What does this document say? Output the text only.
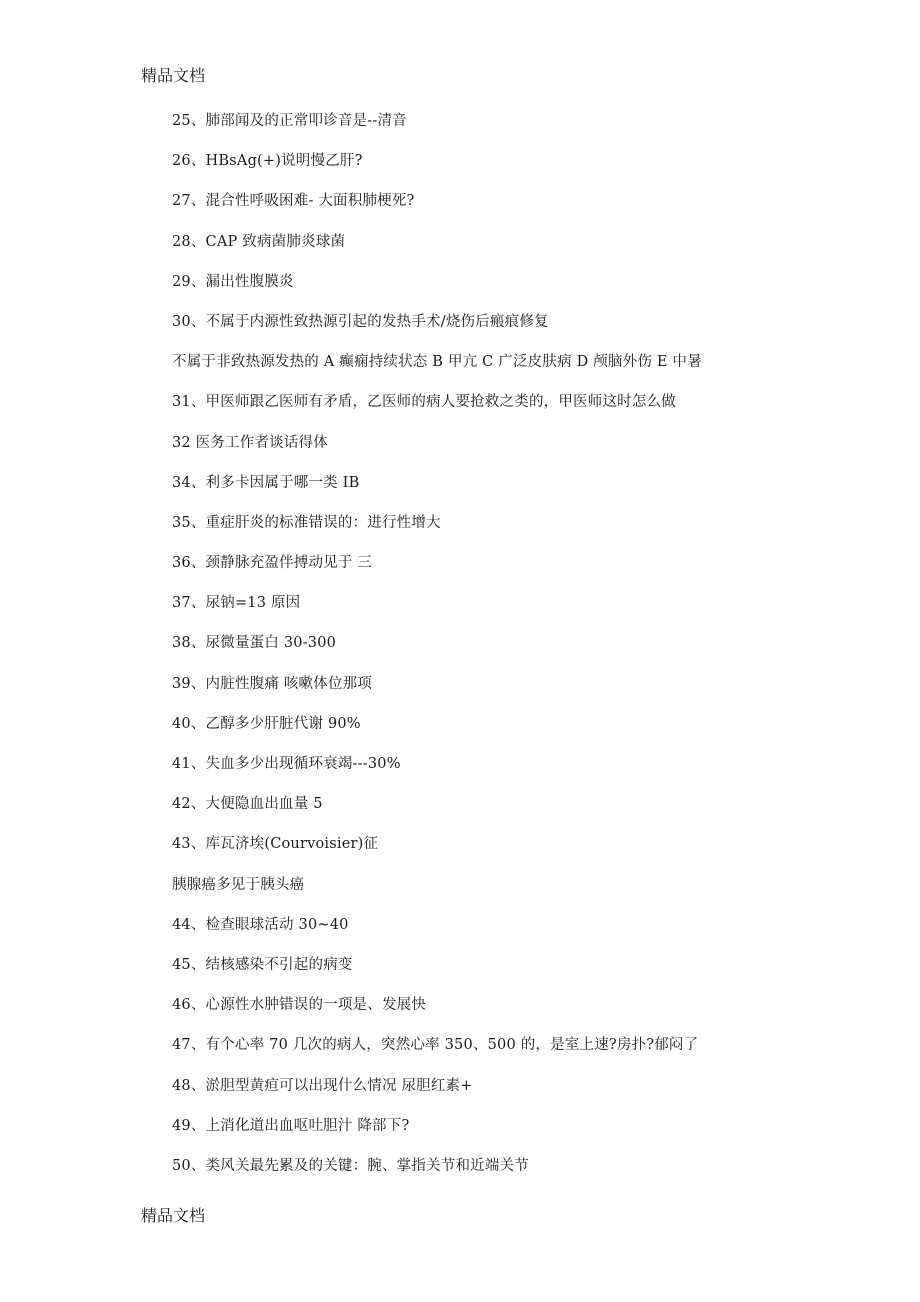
精品文档
25、肺部闻及的正常叩诊音是--清音
26、HBsAg(+)说明慢乙肝?
27、混合性呼吸困难- 大面积肺梗死?
28、CAP 致病菌肺炎球菌
29、漏出性腹膜炎
30、不属于内源性致热源引起的发热手术/烧伤后瘢痕修复
不属于非致热源发热的 A 癫痫持续状态 B 甲亢 C 广泛皮肤病 D 颅脑外伤 E 中暑
31、甲医师跟乙医师有矛盾，乙医师的病人要抢救之类的，甲医师这时怎么做
32 医务工作者谈话得体
34、利多卡因属于哪一类 IB
35、重症肝炎的标准错误的：进行性增大
36、颈静脉充盈伴搏动见于 三
37、尿钠=13 原因
38、尿微量蛋白 30-300
39、内脏性腹痛 咳嗽体位那项
40、乙醇多少肝脏代谢 90%
41、失血多少出现循环衰竭---30%
42、大便隐血出血量 5
43、库瓦济埃(Courvoisier)征
胰腺癌多见于胰头癌
44、检查眼球活动 30~40
45、结核感染不引起的病变
46、心源性水肿错误的一项是、发展快
47、有个心率 70 几次的病人，突然心率 350、500 的，是室上速?房扑?郁闷了
48、淤胆型黄疸可以出现什么情况 尿胆红素+
49、上消化道出血呕吐胆汁 降部下?
50、类风关最先累及的关键：腕、掌指关节和近端关节
精品文档
